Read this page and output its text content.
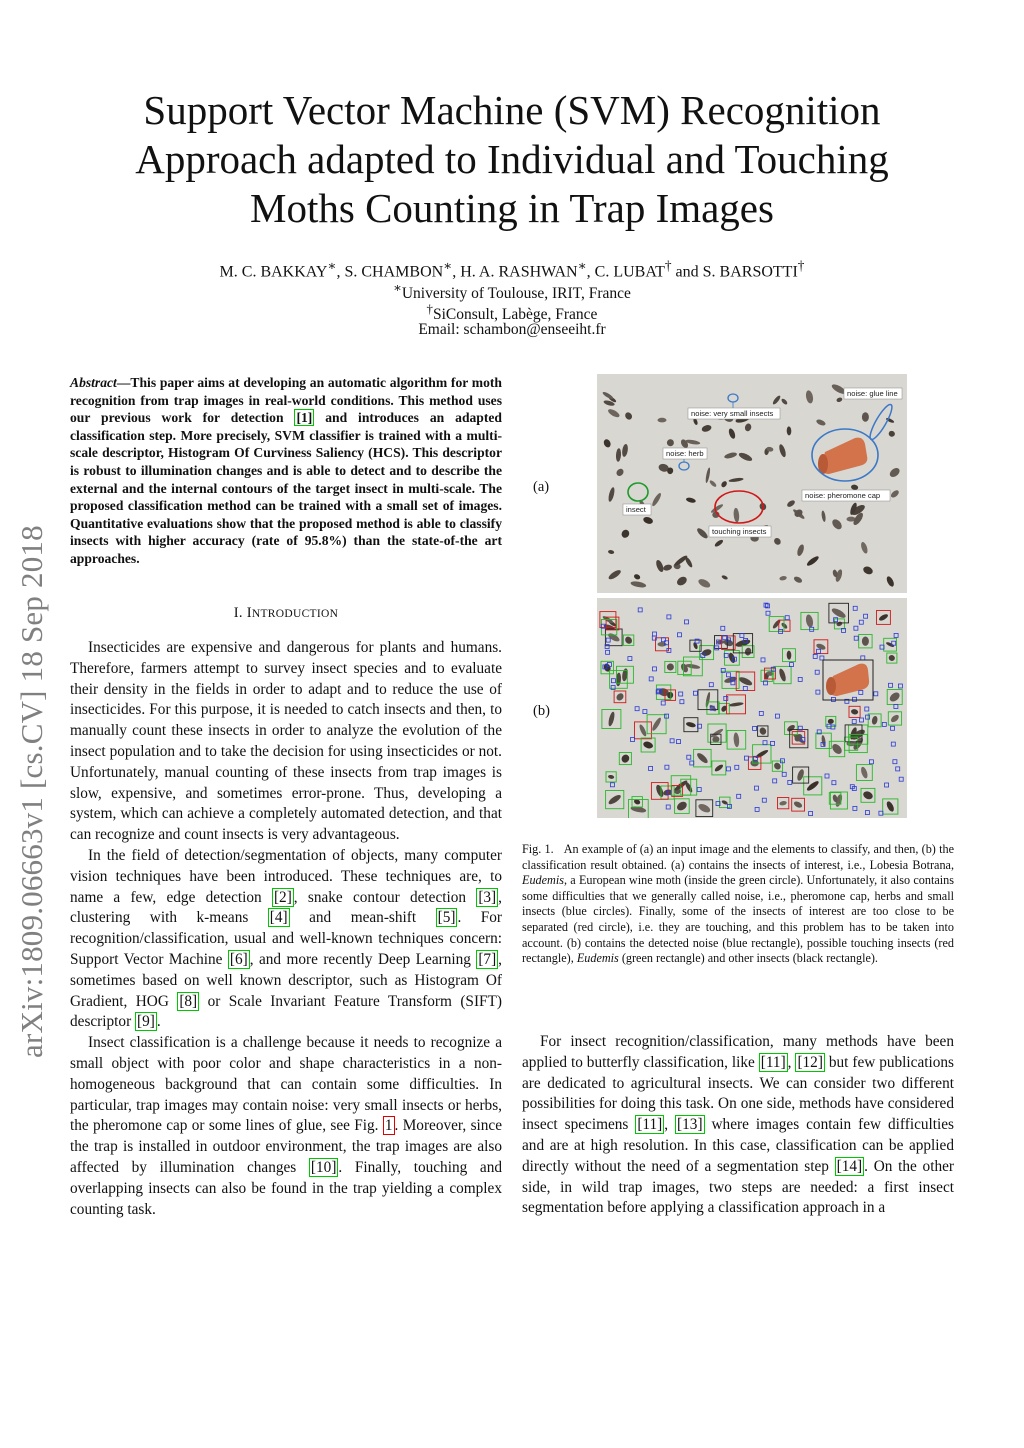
Support Vector Machine (SVM) Recognition
Approach adapted to Individual and Touching
Moths Counting in Trap Images
M. C. BAKKAY∗, S. CHAMBON∗, H. A. RASHWAN∗, C. LUBAT† and S. BARSOTTI†
∗University of Toulouse, IRIT, France
†SiConsult, Labège, France
Email: schambon@enseeiht.fr
arXiv:1809.06663v1 [cs.CV] 18 Sep 2018
Abstract—This paper aims at developing an automatic algorithm for moth recognition from trap images in real-world conditions. This method uses our previous work for detection [1] and introduces an adapted classification step. More precisely, SVM classifier is trained with a multi-scale descriptor, Histogram Of Curviness Saliency (HCS). This descriptor is robust to illumination changes and is able to detect and to describe the external and the internal contours of the target insect in multi-scale. The proposed classification method can be trained with a small set of images. Quantitative evaluations show that the proposed method is able to classify insects with higher accuracy (rate of 95.8%) than the state-of-the art approaches.
I. INTRODUCTION

Insecticides are expensive and dangerous for plants and humans. Therefore, farmers attempt to survey insect species and to evaluate their density in the fields in order to adapt and to reduce the use of insecticides. For this purpose, it is needed to catch insects and then, to manually count these insects in order to analyze the evolution of the insect population and to take the decision for using insecticides or not. Unfortunately, manual counting of these insects from trap images is slow, expensive, and sometimes error-prone. Thus, developing a system, which can achieve a completely automated detection, and that can recognize and count insects is very advantageous.

In the field of detection/segmentation of objects, many computer vision techniques have been introduced. These techniques are, to name a few, edge detection [2] , snake contour detection [3] , clustering with k-means [4] and mean-shift [5] . For recognition/classification, usual and well-known techniques concern: Support Vector Machine [6] , and more recently Deep Learning [7] , sometimes based on well known descriptor, such as Histogram Of Gradient, HOG [8] or Scale Invariant Feature Transform (SIFT) descriptor [9] .

Insect classification is a challenge because it needs to recognize a small object with poor color and shape characteristics in a non-homogeneous background that can contain some difficulties. In particular, trap images may contain noise: very small insects or herbs, the pheromone cap or some lines of glue, see Fig. 1 . Moreover, since the trap is installed in outdoor environment, the trap images are also affected by illumination changes [10] . Finally, touching and overlapping insects can also be found in the trap yielding a complex counting task.

(a)
(b)
noise: glue line
noise: very small insects
noise: herb
noise: pheromone cap
insect
touching insects
Fig. 1. An example of (a) an input image and the elements to classify, and then, (b) the classification result obtained. (a) contains the insects of interest, i.e., Lobesia Botrana, Eudemis, a European wine moth (inside the green circle). Unfortunately, it also contains some difficulties that we generally called noise, i.e., pheromone cap, herbs and small insects (blue circles). Finally, some of the insects of interest are too close to be separated (red circle), i.e. they are touching, and this problem has to be taken into account. (b) contains the detected noise (blue rectangle), possible touching insects (red rectangle), Eudemis (green rectangle) and other insects (black rectangle).

For insect recognition/classification, many methods have been applied to butterfly classification, like [11] , [12] but few publications are dedicated to agricultural insects. We can consider two different possibilities for doing this task. On one side, methods have considered insect specimens [11] , [13] where images contain few difficulties and are at high resolution. In this case, classification can be applied directly without the need of a segmentation step [14] . On the other side, in wild trap images, two steps are needed: a first insect segmentation before applying a classification approach in a
